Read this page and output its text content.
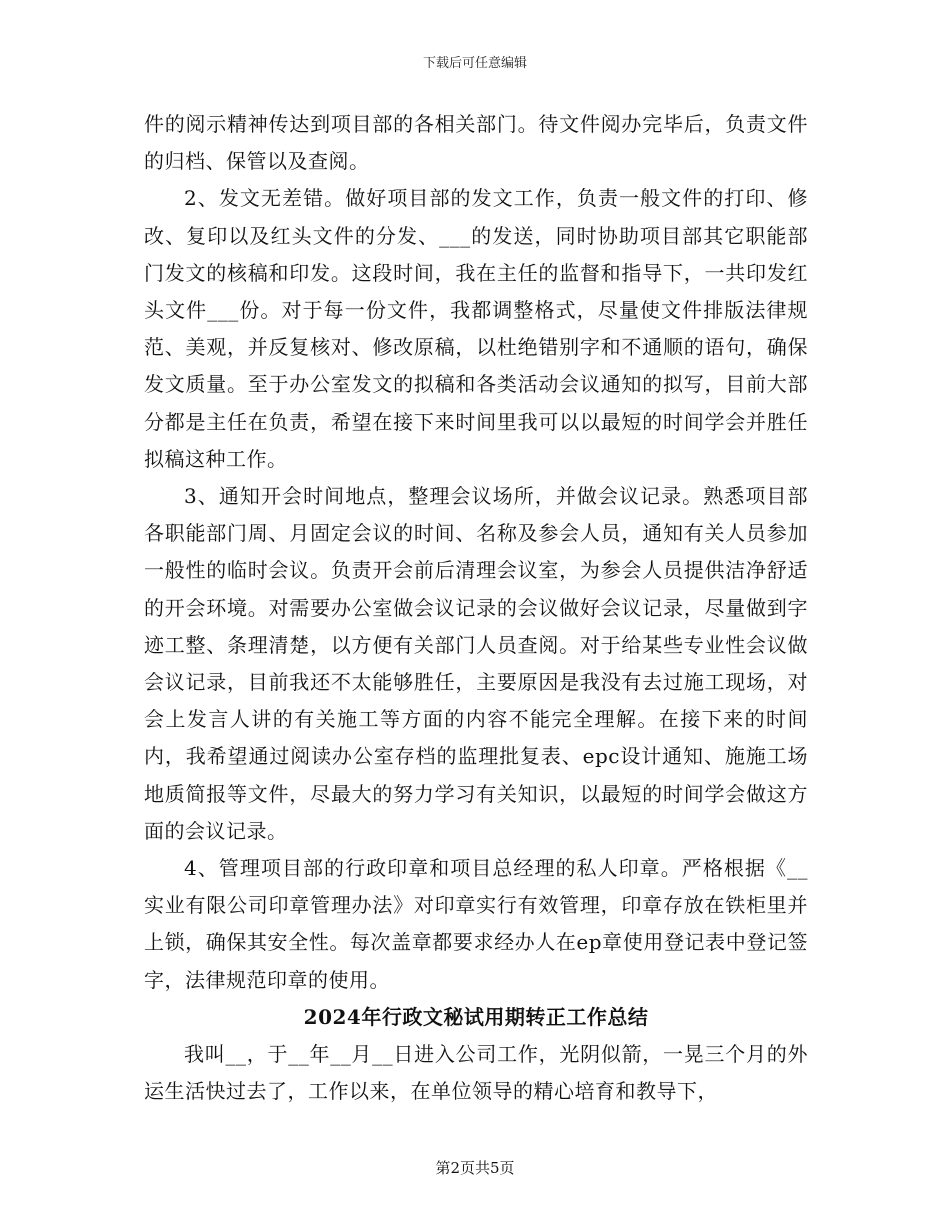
下载后可任意编辑

件的阅示精神传达到项目部的各相关部门。待文件阅办完毕后，负责文件的归档、保管以及查阅。

2、发文无差错。做好项目部的发文工作，负责一般文件的打印、修改、复印以及红头文件的分发、___的发送，同时协助项目部其它职能部门发文的核稿和印发。这段时间，我在主任的监督和指导下，一共印发红头文件___份。对于每一份文件，我都调整格式，尽量使文件排版法律规范、美观，并反复核对、修改原稿，以杜绝错别字和不通顺的语句，确保发文质量。至于办公室发文的拟稿和各类活动会议通知的拟写，目前大部分都是主任在负责，希望在接下来时间里我可以以最短的时间学会并胜任拟稿这种工作。

3、通知开会时间地点，整理会议场所，并做会议记录。熟悉项目部各职能部门周、月固定会议的时间、名称及参会人员，通知有关人员参加一般性的临时会议。负责开会前后清理会议室，为参会人员提供洁净舒适的开会环境。对需要办公室做会议记录的会议做好会议记录，尽量做到字迹工整、条理清楚，以方便有关部门人员查阅。对于给某些专业性会议做会议记录，目前我还不太能够胜任，主要原因是我没有去过施工现场，对会上发言人讲的有关施工等方面的内容不能完全理解。在接下来的时间内，我希望通过阅读办公室存档的监理批复表、epc设计通知、施施工场地质简报等文件，尽最大的努力学习有关知识，以最短的时间学会做这方面的会议记录。

4、管理项目部的行政印章和项目总经理的私人印章。严格根据《__实业有限公司印章管理办法》对印章实行有效管理，印章存放在铁柜里并上锁，确保其安全性。每次盖章都要求经办人在ep章使用登记表中登记签字，法律规范印章的使用。

2024年行政文秘试用期转正工作总结

我叫__，于__年__月__日进入公司工作，光阴似箭，一晃三个月的外运生活快过去了，工作以来，在单位领导的精心培育和教导下，

第2页共5页
